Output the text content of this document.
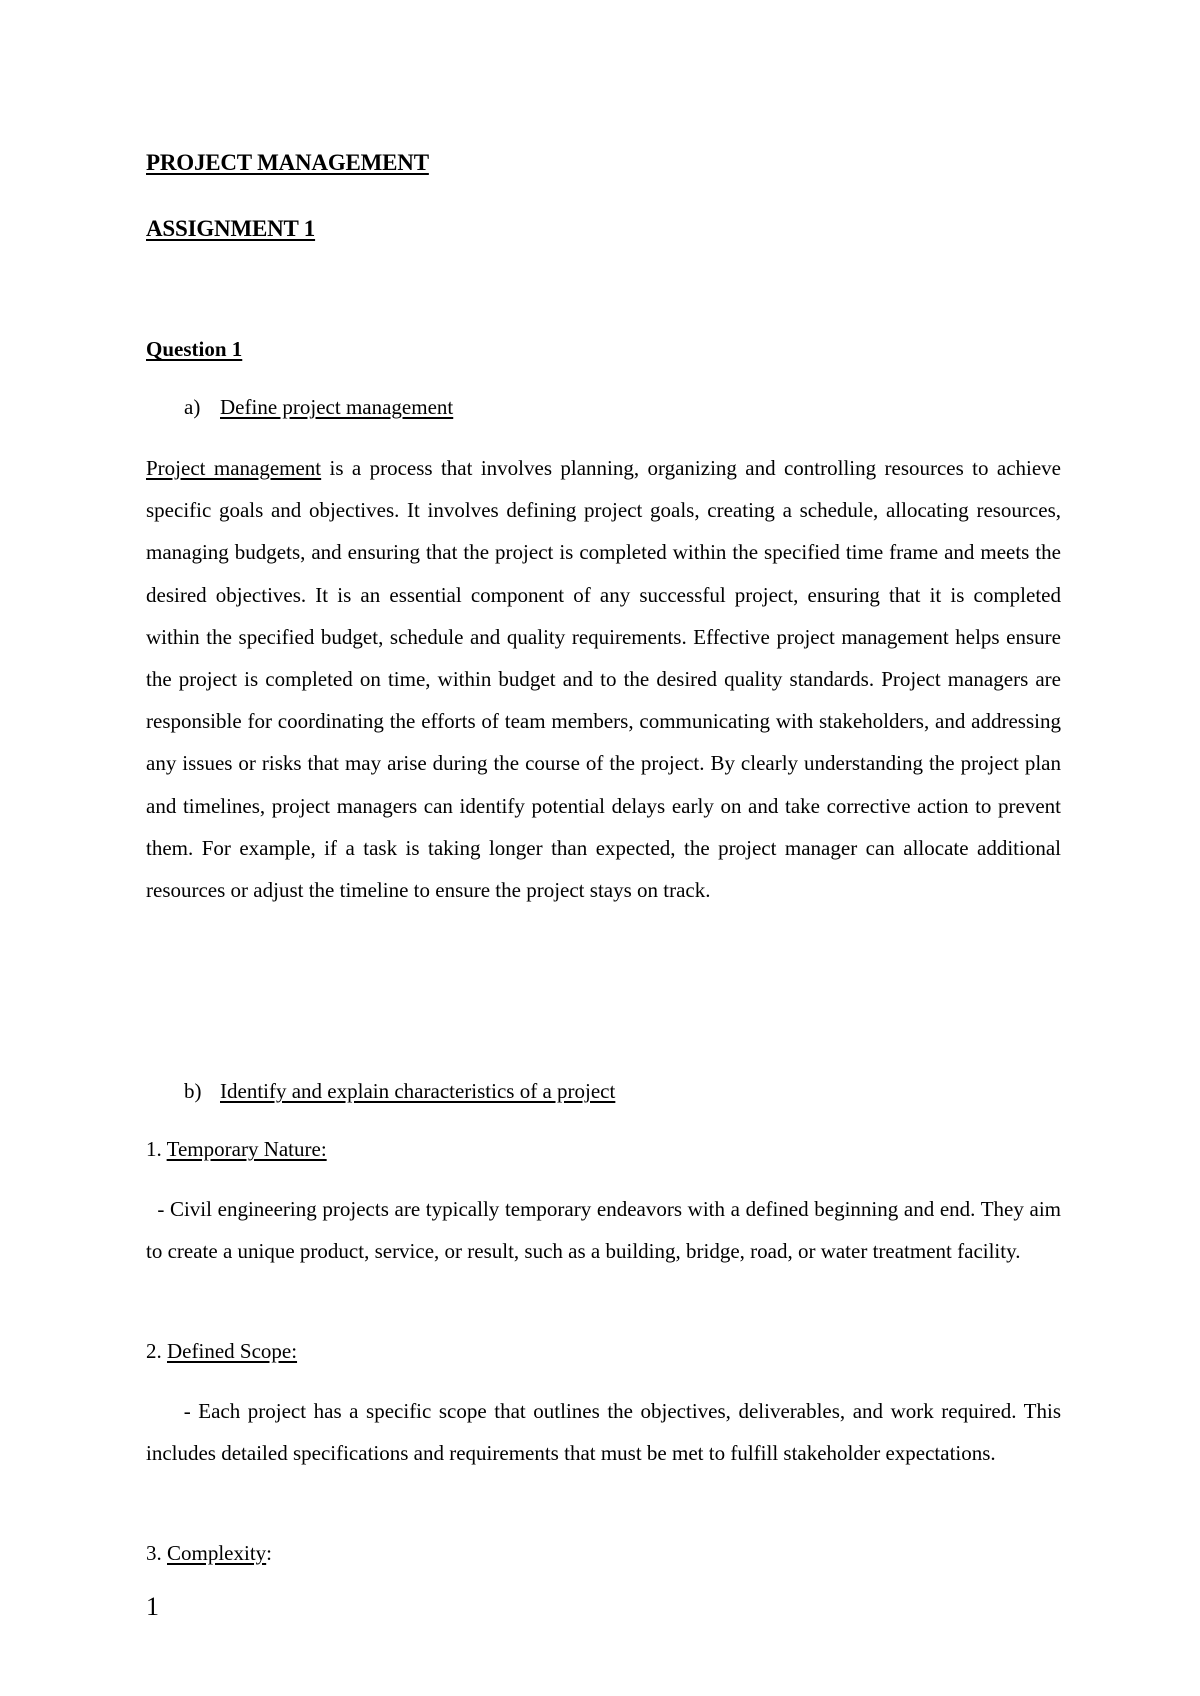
PROJECT MANAGEMENT
ASSIGNMENT 1
Question 1
a) Define project management

Project management is a process that involves planning, organizing and controlling resources to achieve specific goals and objectives. It involves defining project goals, creating a schedule, allocating resources, managing budgets, and ensuring that the project is completed within the specified time frame and meets the desired objectives. It is an essential component of any successful project, ensuring that it is completed within the specified budget, schedule and quality requirements. Effective project management helps ensure the project is completed on time, within budget and to the desired quality standards. Project managers are responsible for coordinating the efforts of team members, communicating with stakeholders, and addressing any issues or risks that may arise during the course of the project. By clearly understanding the project plan and timelines, project managers can identify potential delays early on and take corrective action to prevent them. For example, if a task is taking longer than expected, the project manager can allocate additional resources or adjust the timeline to ensure the project stays on track.

b) Identify and explain characteristics of a project
1. Temporary Nature:

- Civil engineering projects are typically temporary endeavors with a defined beginning and end. They aim to create a unique product, service, or result, such as a building, bridge, road, or water treatment facility.

2. Defined Scope:

- Each project has a specific scope that outlines the objectives, deliverables, and work required. This includes detailed specifications and requirements that must be met to fulfill stakeholder expectations.

3. Complexity:
1
